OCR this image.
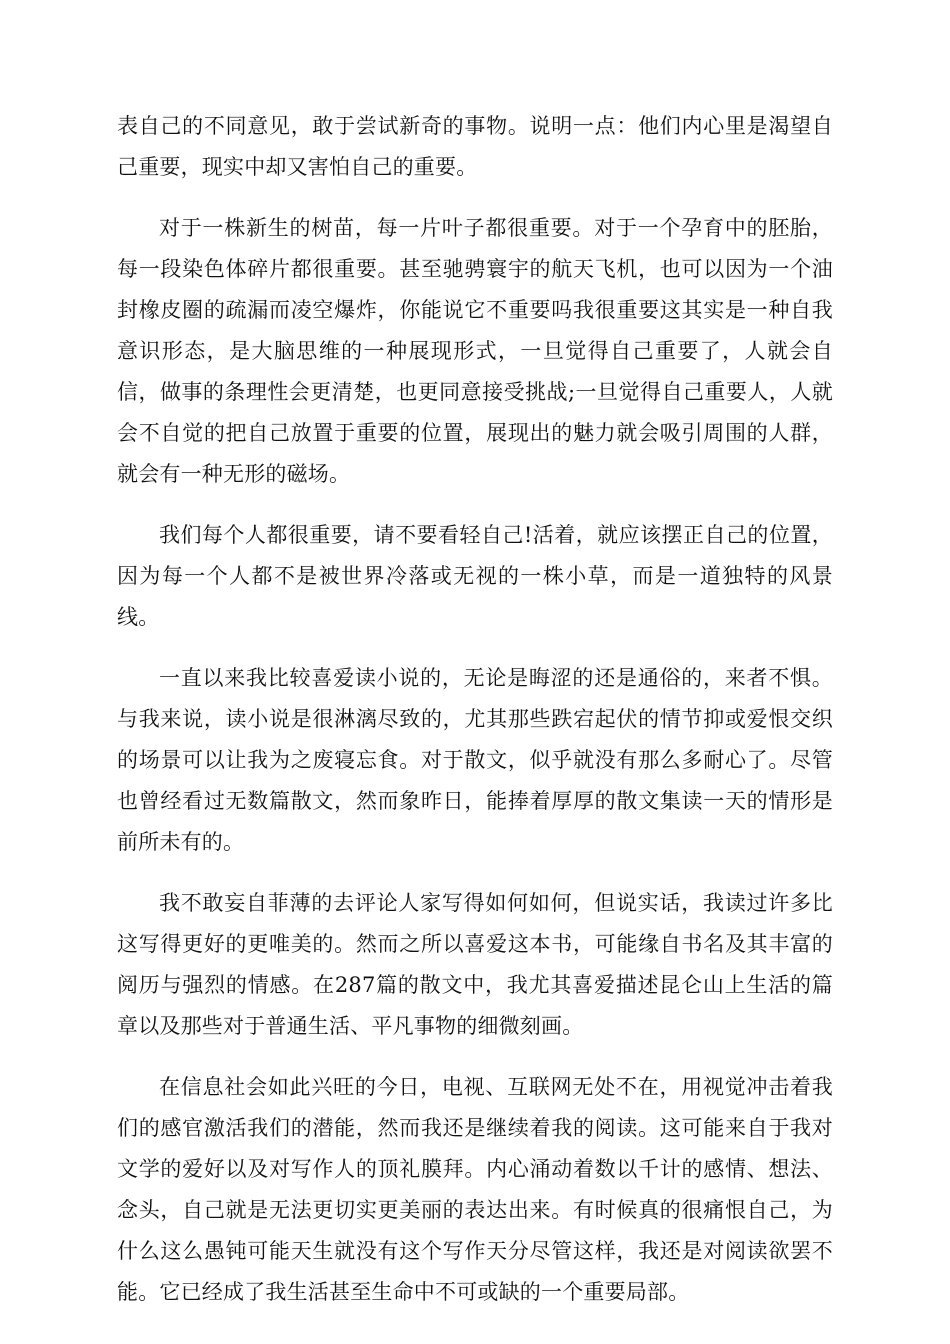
表自己的不同意见，敢于尝试新奇的事物。说明一点：他们内心里是渴望自己重要，现实中却又害怕自己的重要。

对于一株新生的树苗，每一片叶子都很重要。对于一个孕育中的胚胎，每一段染色体碎片都很重要。甚至驰骋寰宇的航天飞机，也可以因为一个油封橡皮圈的疏漏而凌空爆炸，你能说它不重要吗我很重要这其实是一种自我意识形态，是大脑思维的一种展现形式，一旦觉得自己重要了，人就会自信，做事的条理性会更清楚，也更同意接受挑战;一旦觉得自己重要人，人就会不自觉的把自己放置于重要的位置，展现出的魅力就会吸引周围的人群，就会有一种无形的磁场。

我们每个人都很重要，请不要看轻自己!活着，就应该摆正自己的位置，因为每一个人都不是被世界冷落或无视的一株小草，而是一道独特的风景线。

一直以来我比较喜爱读小说的，无论是晦涩的还是通俗的，来者不惧。与我来说，读小说是很淋漓尽致的，尤其那些跌宕起伏的情节抑或爱恨交织的场景可以让我为之废寝忘食。对于散文，似乎就没有那么多耐心了。尽管也曾经看过无数篇散文，然而象昨日，能捧着厚厚的散文集读一天的情形是前所未有的。

我不敢妄自菲薄的去评论人家写得如何如何，但说实话，我读过许多比这写得更好的更唯美的。然而之所以喜爱这本书，可能缘自书名及其丰富的阅历与强烈的情感。在287篇的散文中，我尤其喜爱描述昆仑山上生活的篇章以及那些对于普通生活、平凡事物的细微刻画。

在信息社会如此兴旺的今日，电视、互联网无处不在，用视觉冲击着我们的感官激活我们的潜能，然而我还是继续着我的阅读。这可能来自于我对文学的爱好以及对写作人的顶礼膜拜。内心涌动着数以千计的感情、想法、念头，自己就是无法更切实更美丽的表达出来。有时候真的很痛恨自己，为什么这么愚钝可能天生就没有这个写作天分尽管这样，我还是对阅读欲罢不能。它已经成了我生活甚至生命中不可或缺的一个重要局部。
